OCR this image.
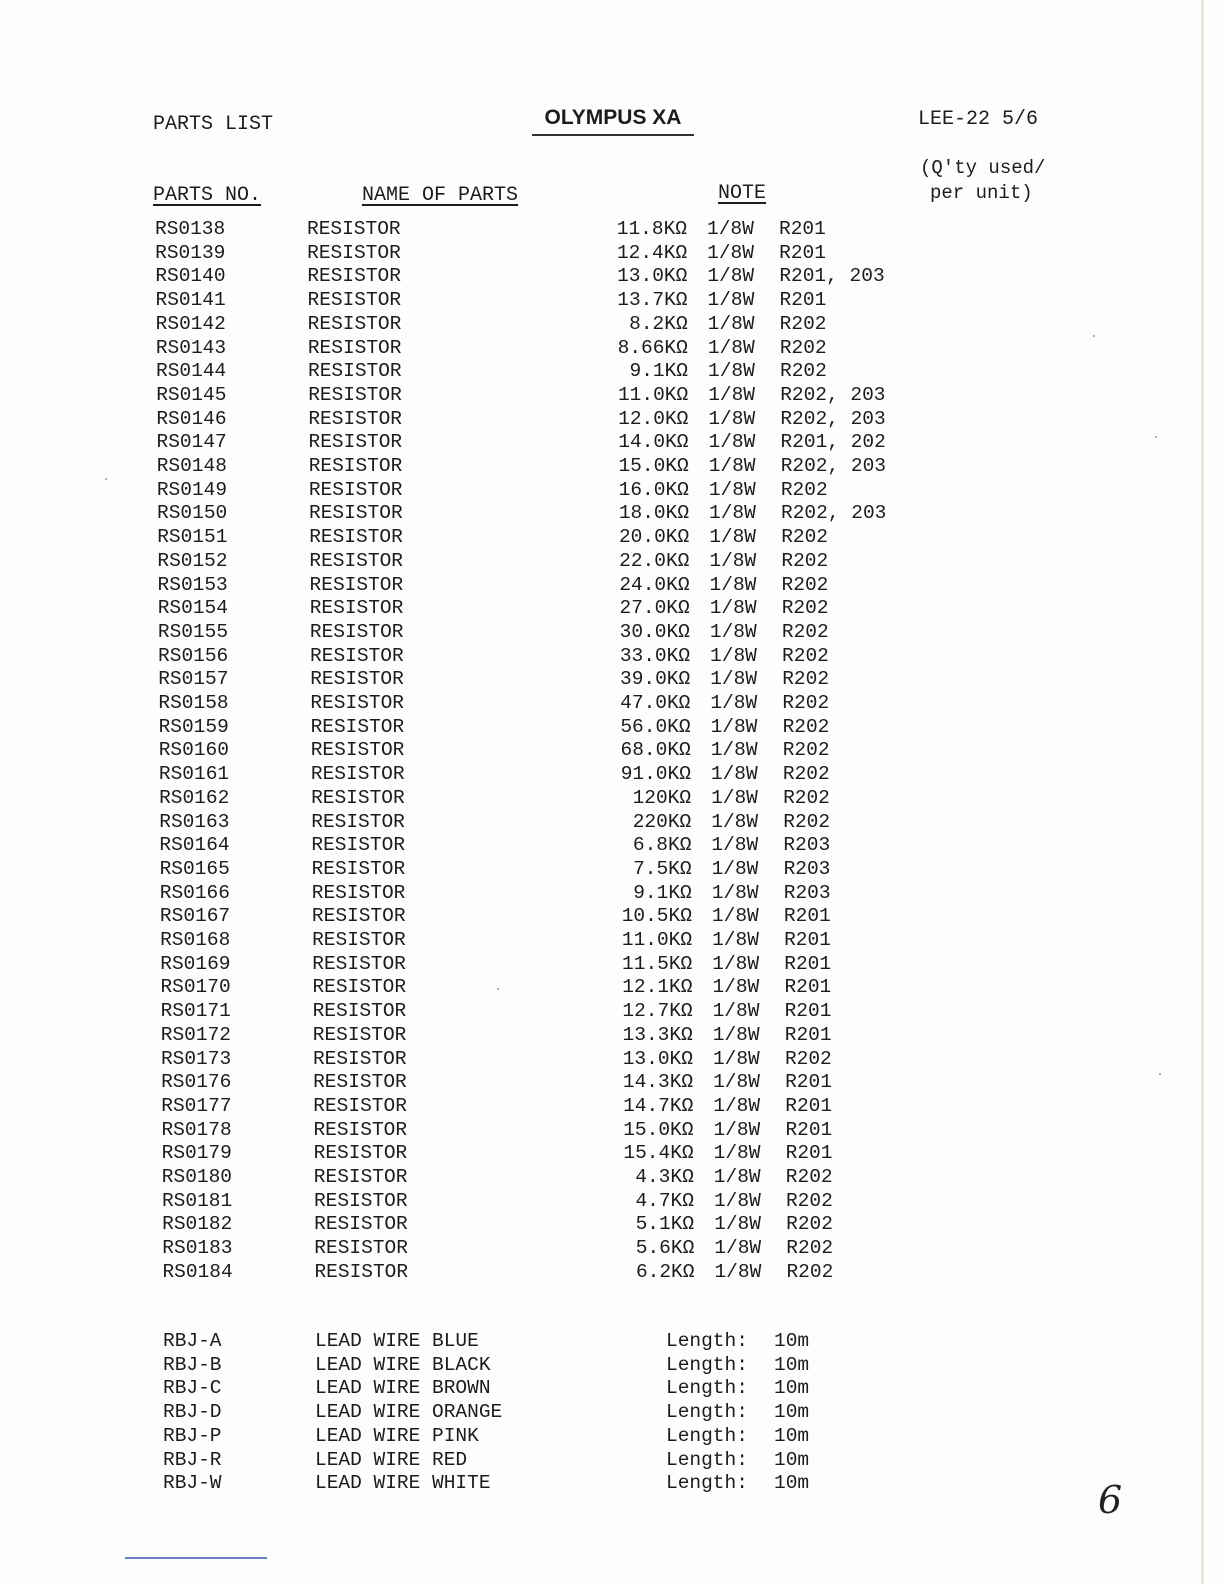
PARTS LIST	OLYMPUS XA	LEE-22 5/6
PARTS NO.	NAME OF PARTS	NOTE
(Q'ty used/
per unit)
RS0138	RESISTOR	11.8KΩ 1/8W R201
RS0139	RESISTOR	12.4KΩ 1/8W R201
RS0140	RESISTOR	13.0KΩ 1/8W R201, 203
RS0141	RESISTOR	13.7KΩ 1/8W R201
RS0142	RESISTOR	8.2KΩ 1/8W R202
RS0143	RESISTOR	8.66KΩ 1/8W R202
RS0144	RESISTOR	9.1KΩ 1/8W R202
RS0145	RESISTOR	11.0KΩ 1/8W R202, 203
RS0146	RESISTOR	12.0KΩ 1/8W R202, 203
RS0147	RESISTOR	14.0KΩ 1/8W R201, 202
RS0148	RESISTOR	15.0KΩ 1/8W R202, 203
RS0149	RESISTOR	16.0KΩ 1/8W R202
RS0150	RESISTOR	18.0KΩ 1/8W R202, 203
RS0151	RESISTOR	20.0KΩ 1/8W R202
RS0152	RESISTOR	22.0KΩ 1/8W R202
RS0153	RESISTOR	24.0KΩ 1/8W R202
RS0154	RESISTOR	27.0KΩ 1/8W R202
RS0155	RESISTOR	30.0KΩ 1/8W R202
RS0156	RESISTOR	33.0KΩ 1/8W R202
RS0157	RESISTOR	39.0KΩ 1/8W R202
RS0158	RESISTOR	47.0KΩ 1/8W R202
RS0159	RESISTOR	56.0KΩ 1/8W R202
RS0160	RESISTOR	68.0KΩ 1/8W R202
RS0161	RESISTOR	91.0KΩ 1/8W R202
RS0162	RESISTOR	120KΩ 1/8W R202
RS0163	RESISTOR	220KΩ 1/8W R202
RS0164	RESISTOR	6.8KΩ 1/8W R203
RS0165	RESISTOR	7.5KΩ 1/8W R203
RS0166	RESISTOR	9.1KΩ 1/8W R203
RS0167	RESISTOR	10.5KΩ 1/8W R201
RS0168	RESISTOR	11.0KΩ 1/8W R201
RS0169	RESISTOR	11.5KΩ 1/8W R201
RS0170	RESISTOR	12.1KΩ 1/8W R201
RS0171	RESISTOR	12.7KΩ 1/8W R201
RS0172	RESISTOR	13.3KΩ 1/8W R201
RS0173	RESISTOR	13.0KΩ 1/8W R202
RS0176	RESISTOR	14.3KΩ 1/8W R201
RS0177	RESISTOR	14.7KΩ 1/8W R201
RS0178	RESISTOR	15.0KΩ 1/8W R201
RS0179	RESISTOR	15.4KΩ 1/8W R201
RS0180	RESISTOR	4.3KΩ 1/8W R202
RS0181	RESISTOR	4.7KΩ 1/8W R202
RS0182	RESISTOR	5.1KΩ 1/8W R202
RS0183	RESISTOR	5.6KΩ 1/8W R202
RS0184	RESISTOR	6.2KΩ 1/8W R202
RBJ-A	LEAD WIRE BLUE	Length: 10m
RBJ-B	LEAD WIRE BLACK	Length: 10m
RBJ-C	LEAD WIRE BROWN	Length: 10m
RBJ-D	LEAD WIRE ORANGE	Length: 10m
RBJ-P	LEAD WIRE PINK	Length: 10m
RBJ-R	LEAD WIRE RED	Length: 10m
RBJ-W	LEAD WIRE WHITE	Length: 10m	6
